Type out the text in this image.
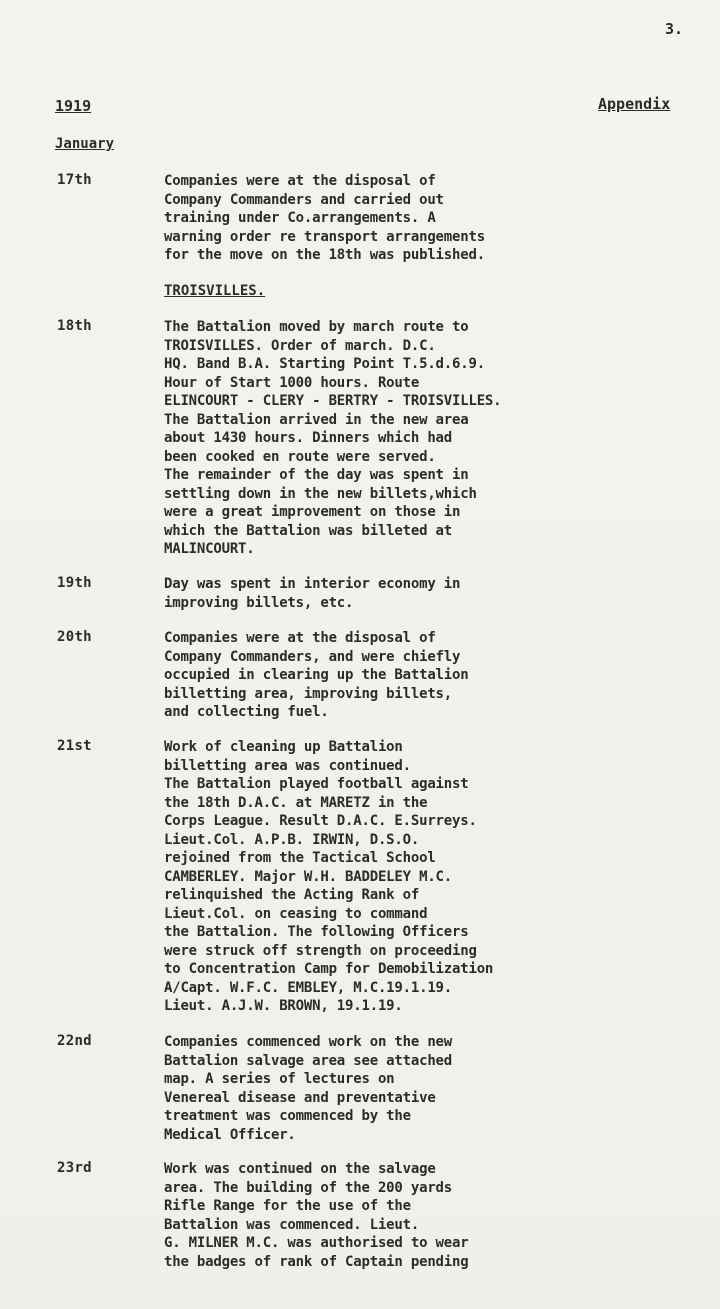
3.
1919	Appendix
January
17th	Companies were at the disposal of
Company Commanders and carried out
training under Co.arrangements. A
warning order re transport arrangements
for the move on the 18th was published.
TROISVILLES.
18th	The Battalion moved by march route to
TROISVILLES. Order of march. D.C.
HQ. Band B.A. Starting Point T.5.d.6.9.
Hour of Start 1000 hours. Route
ELINCOURT - CLERY - BERTRY - TROISVILLES.
The Battalion arrived in the new area
about 1430 hours. Dinners which had
been cooked en route were served.
The remainder of the day was spent in
settling down in the new billets,which
were a great improvement on those in
which the Battalion was billeted at
MALINCOURT.
19th	Day was spent in interior economy in
improving billets, etc.
20th	Companies were at the disposal of
Company Commanders, and were chiefly
occupied in clearing up the Battalion
billetting area, improving billets,
and collecting fuel.
21st	Work of cleaning up Battalion
billetting area was continued.
The Battalion played football against
the 18th D.A.C. at MARETZ in the
Corps League. Result D.A.C. E.Surreys.
Lieut.Col. A.P.B. IRWIN, D.S.O.
rejoined from the Tactical School
CAMBERLEY. Major W.H. BADDELEY M.C.
relinquished the Acting Rank of
Lieut.Col. on ceasing to command
the Battalion. The following Officers
were struck off strength on proceeding
to Concentration Camp for Demobilization
A/Capt. W.F.C. EMBLEY, M.C.19.1.19.
Lieut. A.J.W. BROWN, 19.1.19.
22nd	Companies commenced work on the new
Battalion salvage area see attached
map. A series of lectures on
Venereal disease and preventative
treatment was commenced by the
Medical Officer.
23rd	Work was continued on the salvage
area. The building of the 200 yards
Rifle Range for the use of the
Battalion was commenced. Lieut.
G. MILNER M.C. was authorised to wear
the badges of rank of Captain pending
